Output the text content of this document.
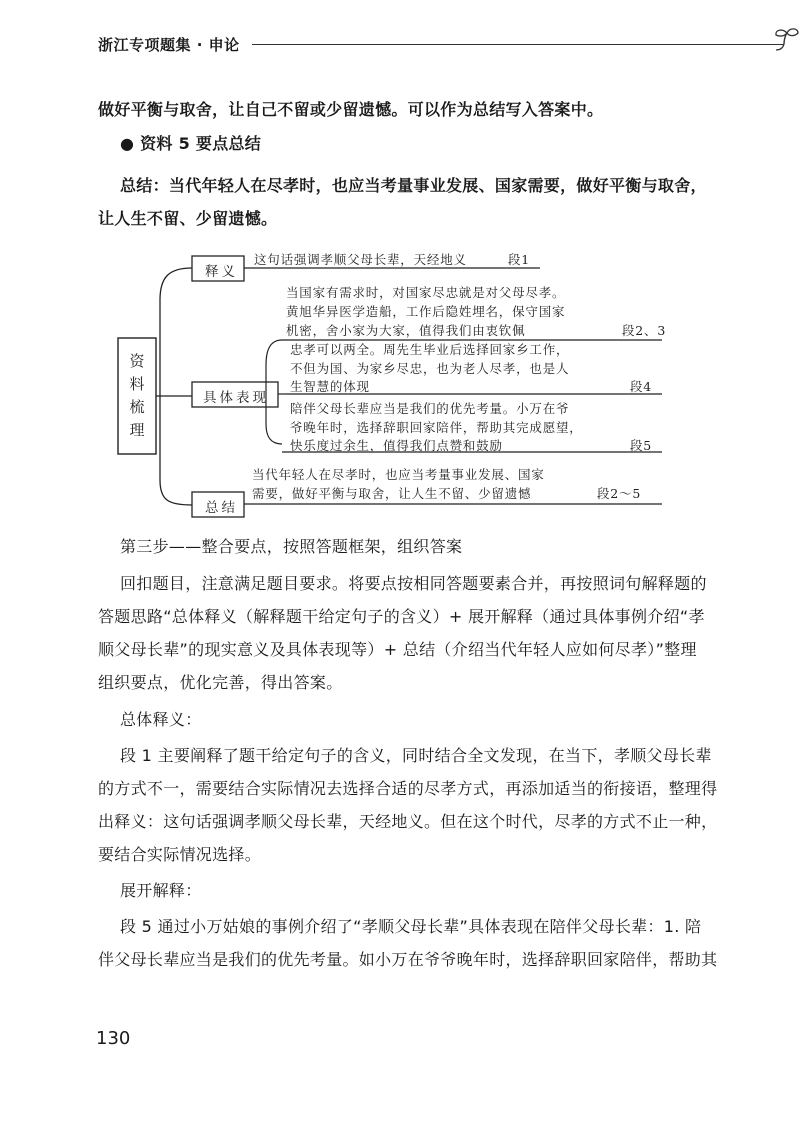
浙江专项题集 · 申论
做好平衡与取舍，让自己不留或少留遗憾。可以作为总结写入答案中。
● 资料 5 要点总结
总结：当代年轻人在尽孝时，也应当考量事业发展、国家需要，做好平衡与取舍，
让人生不留、少留遗憾。
资
料
梳
理
释义
具体表现
总结
这句话强调孝顺父母长辈，天经地义	段1
当国家有需求时，对国家尽忠就是对父母尽孝。
黄旭华异医学造船，工作后隐姓埋名，保守国家
机密，舍小家为大家，值得我们由衷钦佩	段2、3
忠孝可以两全。周先生毕业后选择回家乡工作，
不但为国、为家乡尽忠，也为老人尽孝，也是人
生智慧的体现	段4
陪伴父母长辈应当是我们的优先考量。小万在爷
爷晚年时，选择辞职回家陪伴，帮助其完成愿望，
快乐度过余生，值得我们点赞和鼓励	段5
当代年轻人在尽孝时，也应当考量事业发展、国家
需要，做好平衡与取舍，让人生不留、少留遗憾	段2～5
第三步——整合要点，按照答题框架，组织答案
回扣题目，注意满足题目要求。将要点按相同答题要素合并，再按照词句解释题的
答题思路“总体释义（解释题干给定句子的含义）+ 展开解释（通过具体事例介绍“孝
顺父母长辈”的现实意义及具体表现等）+ 总结（介绍当代年轻人应如何尽孝）”整理
组织要点，优化完善，得出答案。
总体释义：
段 1 主要阐释了题干给定句子的含义，同时结合全文发现，在当下，孝顺父母长辈
的方式不一，需要结合实际情况去选择合适的尽孝方式，再添加适当的衔接语，整理得
出释义：这句话强调孝顺父母长辈，天经地义。但在这个时代，尽孝的方式不止一种，
要结合实际情况选择。
展开解释：
段 5 通过小万姑娘的事例介绍了“孝顺父母长辈”具体表现在陪伴父母长辈：1. 陪
伴父母长辈应当是我们的优先考量。如小万在爷爷晚年时，选择辞职回家陪伴，帮助其
130
